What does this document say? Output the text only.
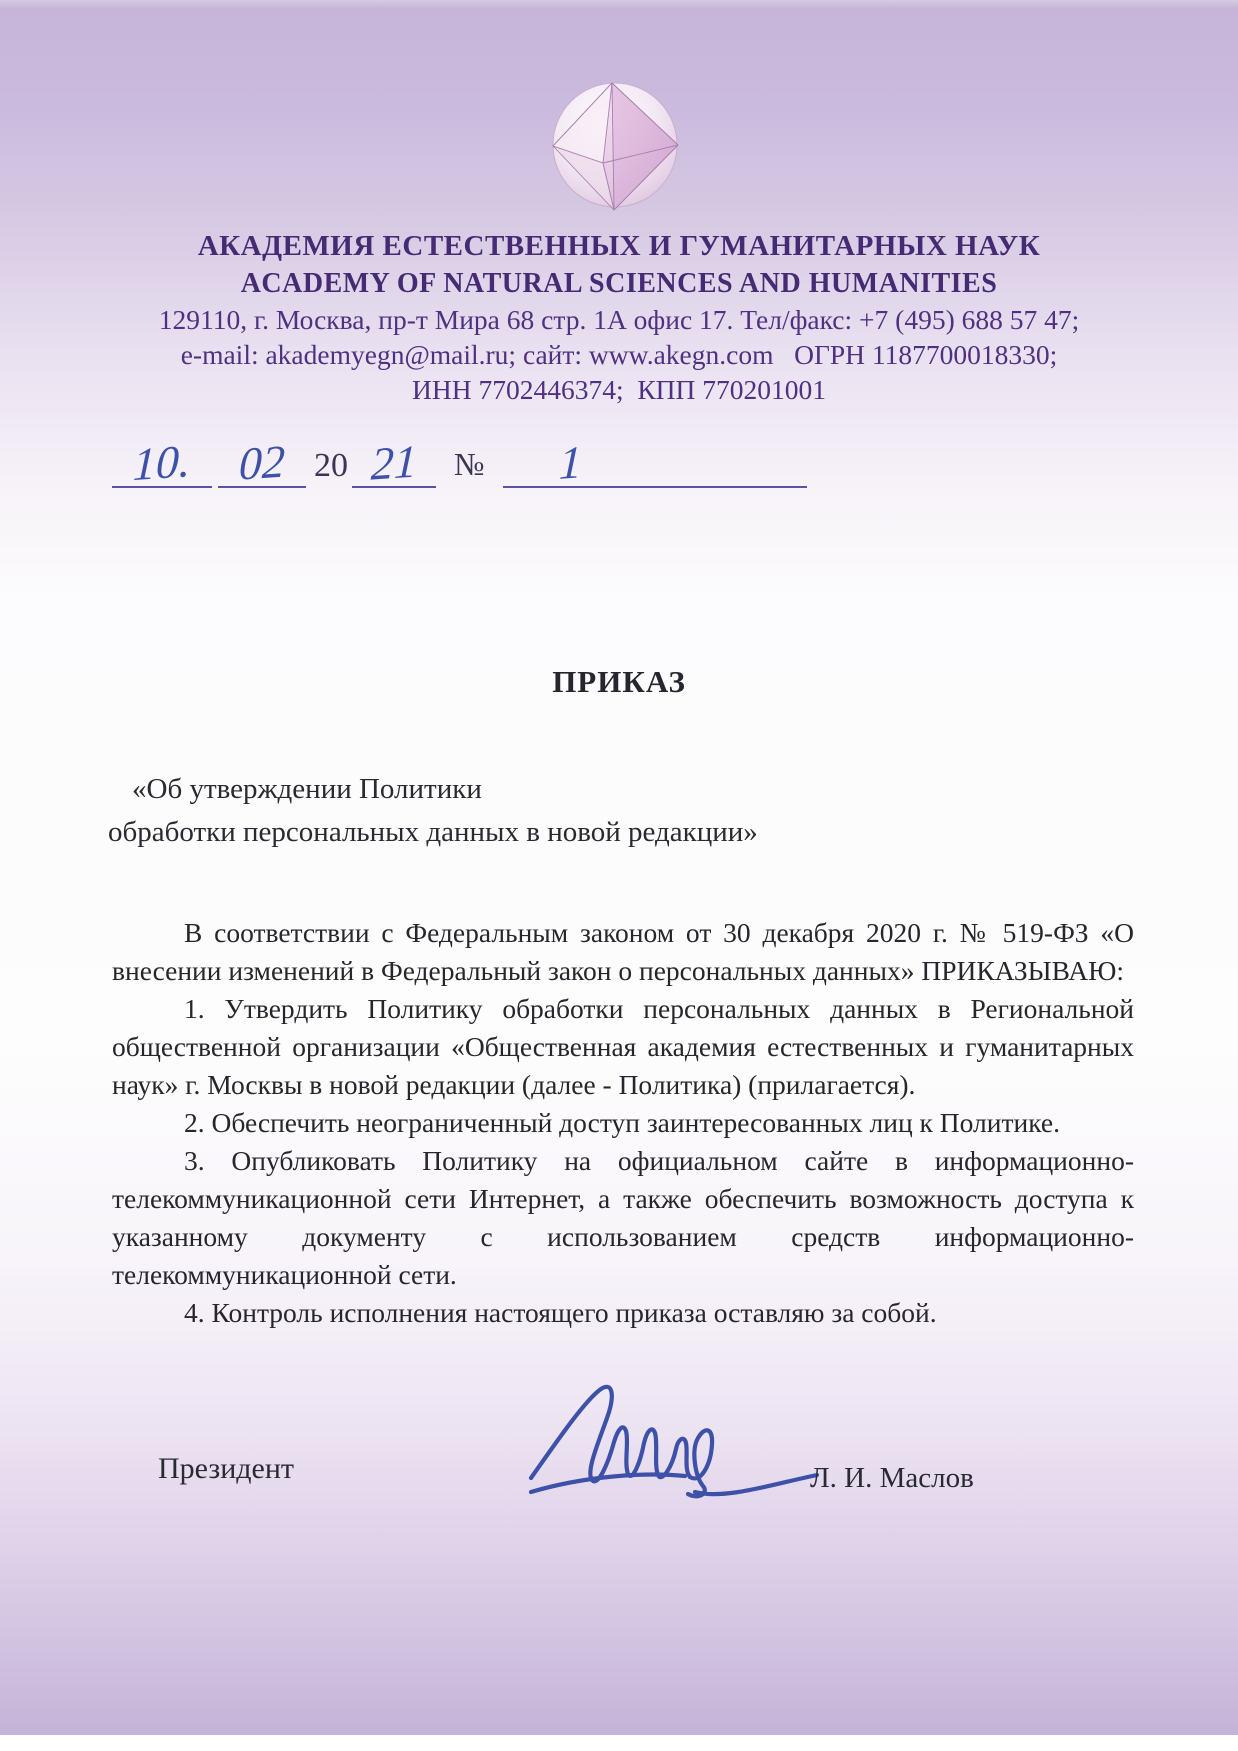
АКАДЕМИЯ ЕСТЕСТВЕННЫХ И ГУМАНИТАРНЫХ НАУК
ACADEMY OF NATURAL SCIENCES AND HUMANITIES
129110, г. Москва, пр-т Мира 68 стр. 1А офис 17. Тел/факс: +7 (495) 688 57 47;
e-mail: akademyegn@mail.ru; сайт: www.akegn.com   ОГРН 1187700018330;
ИНН 7702446374;  КПП 770201001
10. 02 20 21 № 1
ПРИКАЗ
«Об утверждении Политики
обработки персональных данных в новой редакции»

В соответствии с Федеральным законом от 30 декабря 2020 г. № 519-ФЗ «О внесении изменений в Федеральный закон о персональных данных» ПРИКАЗЫВАЮ:

1. Утвердить Политику обработки персональных данных в Региональной общественной организации «Общественная академия естественных и гуманитарных наук» г. Москвы в новой редакции (далее - Политика) (прилагается).

2. Обеспечить неограниченный доступ заинтересованных лиц к Политике.

3. Опубликовать Политику на официальном сайте в информационно-телекоммуникационной сети Интернет, а также обеспечить возможность доступа к указанному документу с использованием средств информационно-телекоммуникационной сети.

4. Контроль исполнения настоящего приказа оставляю за собой.

Президент	Л. И. Маслов
